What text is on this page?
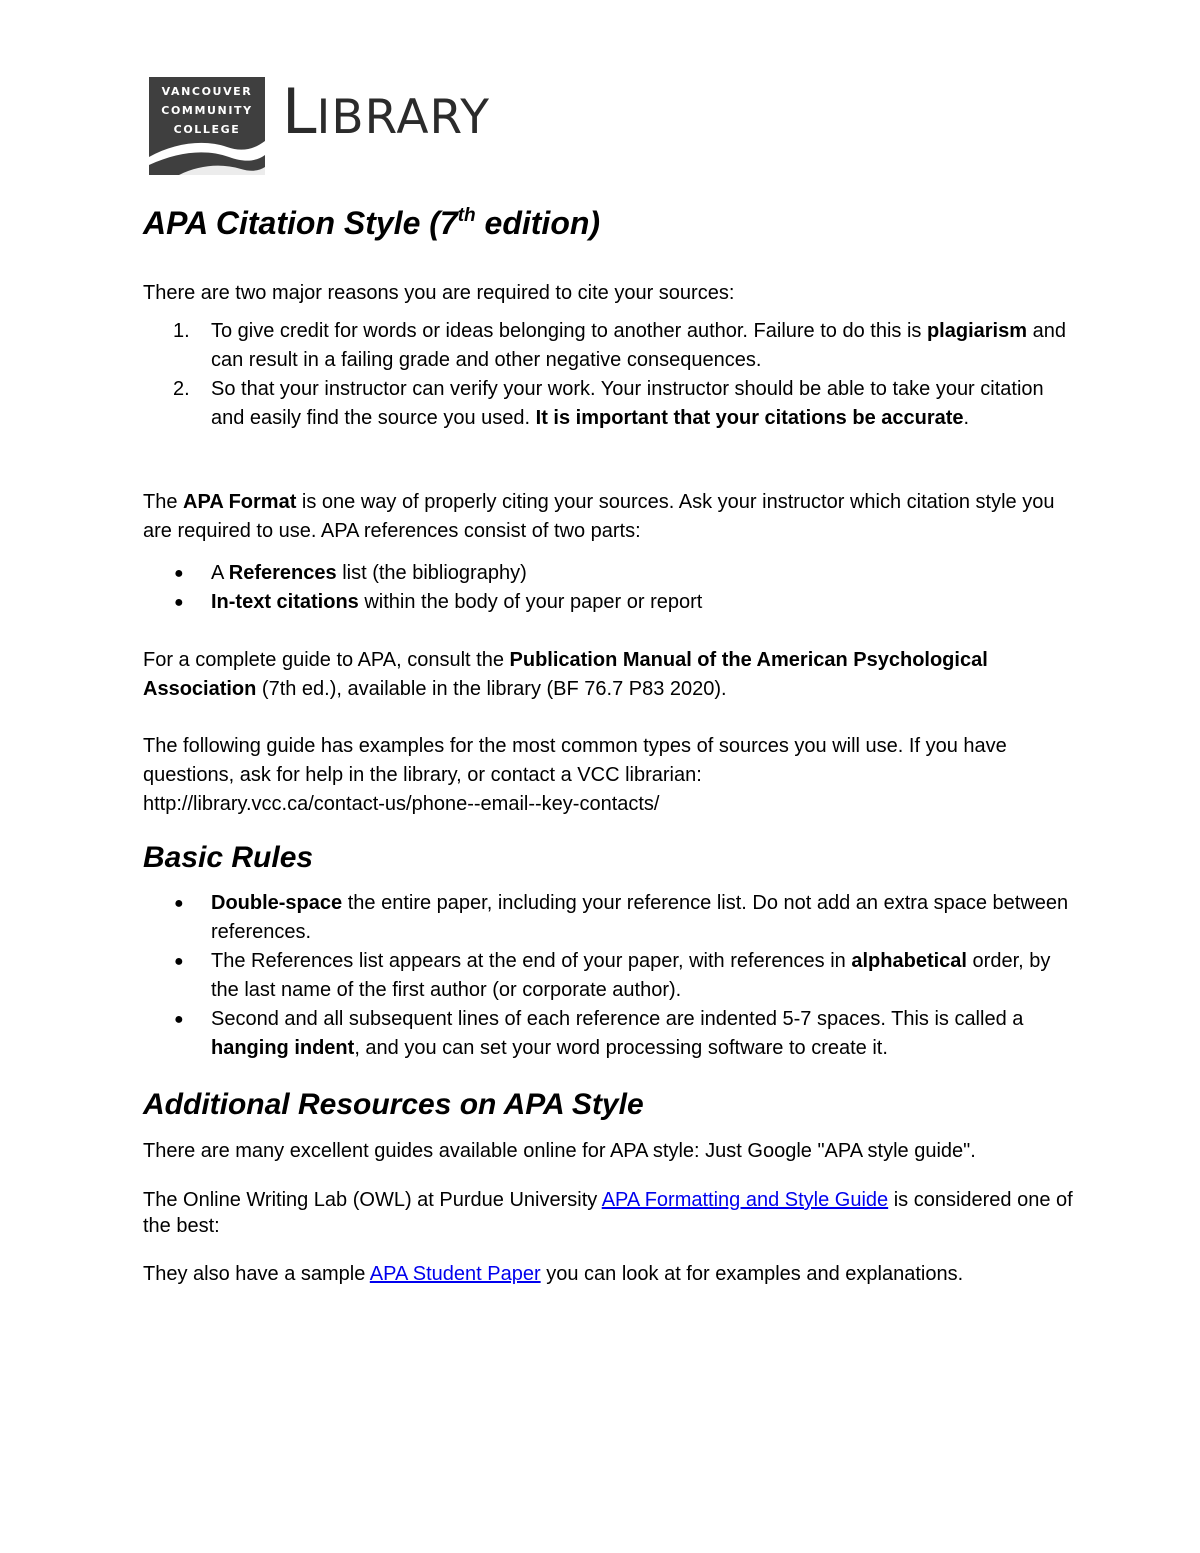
VANCOUVER
COMMUNITY
COLLEGE LIBRARY
APA Citation Style (7th edition)

There are two major reasons you are required to cite your sources:

1. To give credit for words or ideas belonging to another author. Failure to do this is plagiarism and can result in a failing grade and other negative consequences.
2. So that your instructor can verify your work. Your instructor should be able to take your citation and easily find the source you used. It is important that your citations be accurate.

The APA Format is one way of properly citing your sources. Ask your instructor which citation style you are required to use. APA references consist of two parts:

● A References list (the bibliography)
● In-text citations within the body of your paper or report

For a complete guide to APA, consult the Publication Manual of the American Psychological Association (7th ed.), available in the library (BF 76.7 P83 2020).

The following guide has examples for the most common types of sources you will use. If you have questions, ask for help in the library, or contact a VCC librarian:
http://library.vcc.ca/contact-us/phone--email--key-contacts/

Basic Rules
● Double-space the entire paper, including your reference list. Do not add an extra space between references.
● The References list appears at the end of your paper, with references in alphabetical order, by the last name of the first author (or corporate author).
● Second and all subsequent lines of each reference are indented 5-7 spaces. This is called a hanging indent, and you can set your word processing software to create it.
Additional Resources on APA Style

There are many excellent guides available online for APA style: Just Google "APA style guide".

The Online Writing Lab (OWL) at Purdue University APA Formatting and Style Guide is considered one of the best:

They also have a sample APA Student Paper you can look at for examples and explanations.
